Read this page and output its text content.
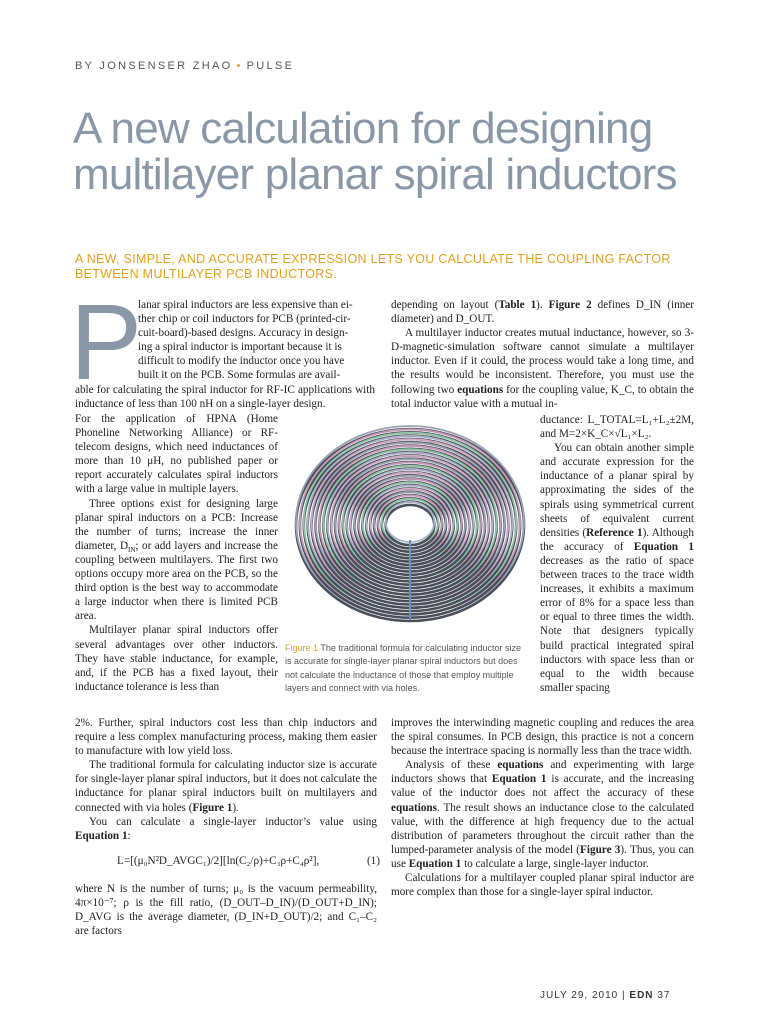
BY JONSENSER ZHAO • PULSE
A new calculation for designing multilayer planar spiral inductors
A NEW, SIMPLE, AND ACCURATE EXPRESSION LETS YOU CALCULATE THE COUPLING FACTOR BETWEEN MULTILAYER PCB INDUCTORS.
P
lanar spiral inductors are less expensive than ei-
ther chip or coil inductors for PCB (printed-cir-
cuit-board)-based designs. Accuracy in design-
ing a spiral inductor is important because it is
difficult to modify the inductor once you have
built it on the PCB. Some formulas are avail-

able for calculating the spiral inductor for RF-IC applications with inductance of less than 100 nH on a single-layer design.

For the application of HPNA (Home Phoneline Networking Alliance) or RF-telecom designs, which need inductances of more than 10 μH, no published paper or report accurately calculates spiral inductors with a large value in multiple layers.

Three options exist for designing large planar spiral inductors on a PCB: Increase the number of turns; increase the inner diameter, $D_{IN}$; or add layers and increase the coupling between multilayers. The first two options occupy more area on the PCB, so the third option is the best way to accommodate a large inductor when there is limited PCB area.

Multilayer planar spiral inductors offer several advantages over other inductors. They have stable inductance, for example, and, if the PCB has a fixed layout, their inductance tolerance is less than

2%. Further, spiral inductors cost less than chip inductors and require a less complex manufacturing process, making them easier to manufacture with low yield loss.

The traditional formula for calculating inductor size is accurate for single-layer planar spiral inductors, but it does not calculate the inductance for planar spiral inductors built on multilayers and connected with via holes (Figure 1).

You can calculate a single-layer inductor’s value using Equation 1:

L=[(μ₀N²D_AVGC₁)/2][ln(C₂/ρ)+C₃ρ+C₄ρ²],	(1)

where N is the number of turns; μ₀ is the vacuum permeability, 4π×10⁻⁷; ρ is the fill ratio, (D_OUT–D_IN)/(D_OUT+D_IN); D_AVG is the average diameter, (D_IN+D_OUT)/2; and C₁–C₂ are factors

Figure 1 The traditional formula for calculating inductor size is accurate for single-layer planar spiral inductors but does not calculate the inductance of those that employ multiple layers and connect with via holes.

depending on layout (Table 1). Figure 2 defines D_IN (inner diameter) and D_OUT.

A multilayer inductor creates mutual inductance, however, so 3-D-magnetic-simulation software cannot simulate a multilayer inductor. Even if it could, the process would take a long time, and the results would be inconsistent. Therefore, you must use the following two equations for the coupling value, K_C, to obtain the total inductor value with a mutual in-

ductance: L_TOTAL=L₁+L₂±2M, and M=2×K_C×√L₁×L₂.

You can obtain another simple and accurate expression for the inductance of a planar spiral by approximating the sides of the spirals using symmetrical current sheets of equivalent current densities (Reference 1). Although the accuracy of Equation 1 decreases as the ratio of space between traces to the trace width increases, it exhibits a maximum error of 8% for a space less than or equal to three times the width. Note that designers typically build practical integrated spiral inductors with space less than or equal to the width because smaller spacing

improves the interwinding magnetic coupling and reduces the area the spiral consumes. In PCB design, this practice is not a concern because the intertrace spacing is normally less than the trace width.

Analysis of these equations and experimenting with large inductors shows that Equation 1 is accurate, and the increasing value of the inductor does not affect the accuracy of these equations. The result shows an inductance close to the calculated value, with the difference at high frequency due to the actual distribution of parameters throughout the circuit rather than the lumped-parameter analysis of the model (Figure 3). Thus, you can use Equation 1 to calculate a large, single-layer inductor.

Calculations for a multilayer coupled planar spiral inductor are more complex than those for a single-layer spiral inductor.

JULY 29, 2010 | EDN 37
